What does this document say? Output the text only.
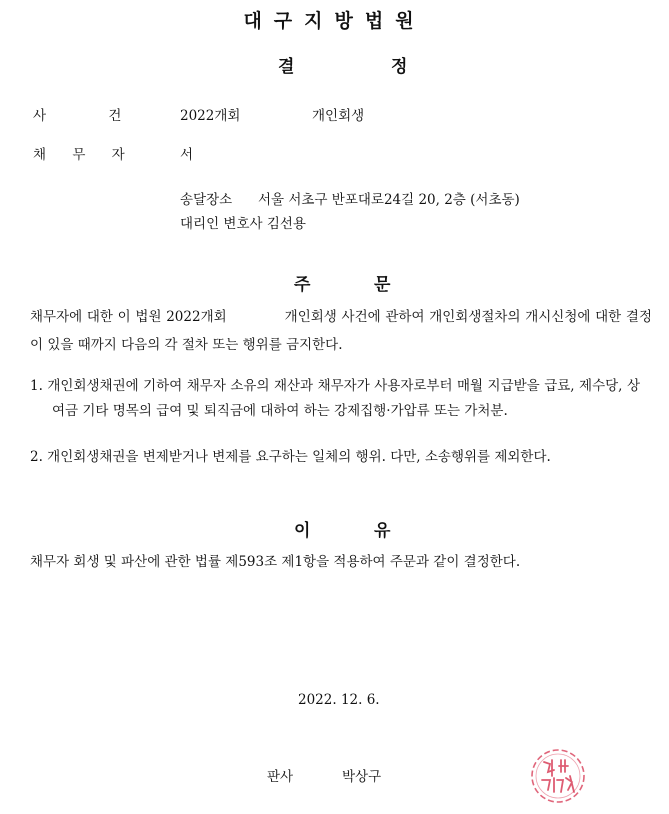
대구지방법원
결	정
사 건	2022개회	개인회생
채 무 자	서
송달장소 서울 서초구 반포대로24길 20, 2층 (서초동)
대리인 변호사 김선용
주	문
채무자에 대한 이 법원 2022개회	개인회생 사건에 관하여 개인회생절차의 개시신청에 대한 결정이 있을 때까지 다음의 각 절차 또는 행위를 금지한다.
1. 개인회생채권에 기하여 채무자 소유의 재산과 채무자가 사용자로부터 매월 지급받을 급료, 제수당, 상여금 기타 명목의 급여 및 퇴직금에 대하여 하는 강제집행·가압류 또는 가처분.
2. 개인회생채권을 변제받거나 변제를 요구하는 일체의 행위. 다만, 소송행위를 제외한다.
이	유
채무자 회생 및 파산에 관한 법률 제593조 제1항을 적용하여 주문과 같이 결정한다.
2022. 12. 6.
판사	박상구
